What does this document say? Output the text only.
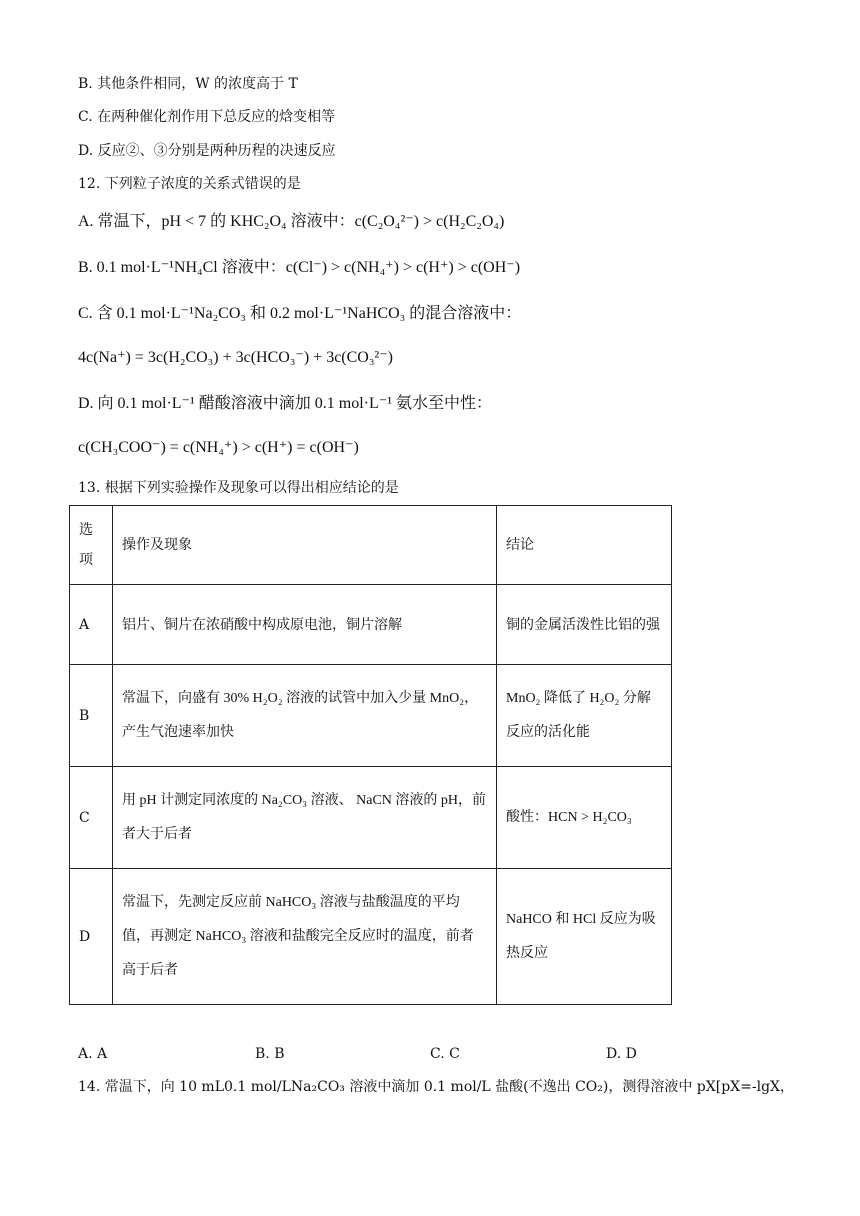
B. 其他条件相同，W 的浓度高于 T
C. 在两种催化剂作用下总反应的焓变相等
D. 反应②、③分别是两种历程的决速反应
12. 下列粒子浓度的关系式错误的是
A. 常温下，pH < 7 的 KHC₂O₄ 溶液中：c(C₂O₄²⁻) > c(H₂C₂O₄)
B. 0.1 mol·L⁻¹NH₄Cl 溶液中：c(Cl⁻) > c(NH₄⁺) > c(H⁺) > c(OH⁻)
C. 含 0.1 mol·L⁻¹Na₂CO₃ 和 0.2 mol·L⁻¹NaHCO₃ 的混合溶液中：
4c(Na⁺) = 3c(H₂CO₃) + 3c(HCO₃⁻) + 3c(CO₃²⁻)
D. 向 0.1 mol·L⁻¹ 醋酸溶液中滴加 0.1 mol·L⁻¹ 氨水至中性：
c(CH₃COO⁻) = c(NH₄⁺) > c(H⁺) = c(OH⁻)
13. 根据下列实验操作及现象可以得出相应结论的是
选项	操作及现象	结论
A	铝片、铜片在浓硝酸中构成原电池，铜片溶解	铜的金属活泼性比铝的强
B	常温下，向盛有 30% H₂O₂ 溶液的试管中加入少量 MnO₂，产生气泡速率加快	MnO₂ 降低了 H₂O₂ 分解反应的活化能
C	用 pH 计测定同浓度的 Na₂CO₃ 溶液、 NaCN 溶液的 pH，前者大于后者	酸性：HCN > H₂CO₃
D	常温下，先测定反应前 NaHCO₃ 溶液与盐酸温度的平均值，再测定 NaHCO₃ 溶液和盐酸完全反应时的温度，前者高于后者	NaHCO 和 HCl 反应为吸热反应
A. A	B. B	C. C	D. D
14. 常温下，向 10 mL0.1 mol/LNa₂CO₃ 溶液中滴加 0.1 mol/L 盐酸(不逸出 CO₂)，测得溶液中 pX[pX=-lgX，
